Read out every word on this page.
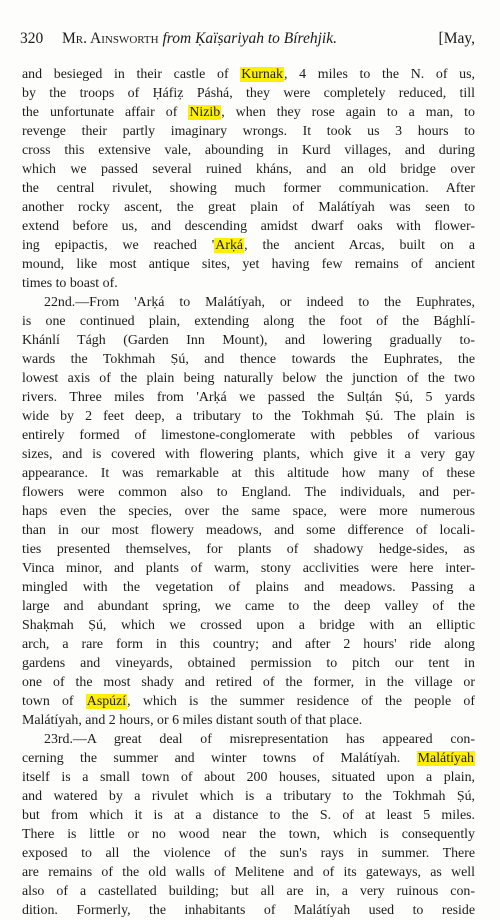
320	Mr. Ainsworth from Ḳaïṣariyah to Bírehjik.	[May,
and besieged in their castle of Kurnak, 4 miles to the N. of us,
by the troops of Ḥáfiẓ Páshá, they were completely reduced, till
the unfortunate affair of Nizib, when they rose again to a man, to
revenge their partly imaginary wrongs. It took us 3 hours to
cross this extensive vale, abounding in Kurd villages, and during
which we passed several ruined kháns, and an old bridge over
the central rivulet, showing much former communication. After
another rocky ascent, the great plain of Malátíyah was seen to
extend before us, and descending amidst dwarf oaks with flower-
ing epipactis, we reached 'Arḳá, the ancient Arcas, built on a
mound, like most antique sites, yet having few remains of ancient
times to boast of.
22nd.—From 'Arḳá to Malátíyah, or indeed to the Euphrates,
is one continued plain, extending along the foot of the Bághlí-
Khánlí Tágh (Garden Inn Mount), and lowering gradually to-
wards the Tokhmah Ṣú, and thence towards the Euphrates, the
lowest axis of the plain being naturally below the junction of the two
rivers. Three miles from 'Arḳá we passed the Sulṭán Ṣú, 5 yards
wide by 2 feet deep, a tributary to the Tokhmah Ṣú. The plain is
entirely formed of limestone-conglomerate with pebbles of various
sizes, and is covered with flowering plants, which give it a very gay
appearance. It was remarkable at this altitude how many of these
flowers were common also to England. The individuals, and per-
haps even the species, over the same space, were more numerous
than in our most flowery meadows, and some difference of locali-
ties presented themselves, for plants of shadowy hedge-sides, as
Vinca minor, and plants of warm, stony acclivities were here inter-
mingled with the vegetation of plains and meadows. Passing a
large and abundant spring, we came to the deep valley of the
Shaḳmah Ṣú, which we crossed upon a bridge with an elliptic
arch, a rare form in this country; and after 2 hours' ride along
gardens and vineyards, obtained permission to pitch our tent in
one of the most shady and retired of the former, in the village or
town of Aspúzí, which is the summer residence of the people of
Malátíyah, and 2 hours, or 6 miles distant south of that place.
23rd.—A great deal of misrepresentation has appeared con-
cerning the summer and winter towns of Malátíyah. Malátíyah
itself is a small town of about 200 houses, situated upon a plain,
and watered by a rivulet which is a tributary to the Tokhmah Ṣú,
but from which it is at a distance to the S. of at least 5 miles.
There is little or no wood near the town, which is consequently
exposed to all the violence of the sun's rays in summer. There
are remains of the old walls of Melitene and of its gateways, as well
also of a castellated building; but all are in, a very ruinous con-
dition. Formerly, the inhabitants of Malátíyah used to reside
